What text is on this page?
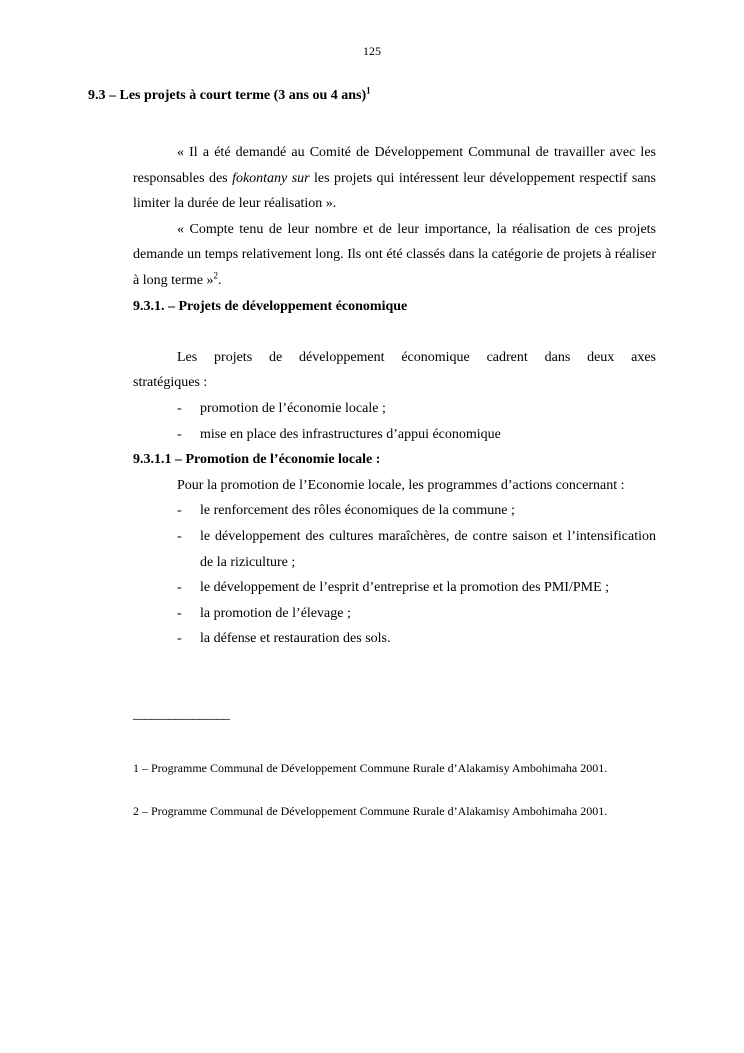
125
9.3 – Les projets à court terme (3 ans ou 4 ans)$^1$

« Il a été demandé au Comité de Développement Communal de travailler avec les responsables des fokontany sur les projets qui intéressent leur développement respectif sans limiter la durée de leur réalisation ».

« Compte tenu de leur nombre et de leur importance, la réalisation de ces projets demande un temps relativement long. Ils ont été classés dans la catégorie de projets à réaliser à long terme »$^2$.

9.3.1. – Projets de développement économique

Les projets de développement économique cadrent dans deux axes

stratégiques :

- promotion de l’économie locale ;
- mise en place des infrastructures d’appui économique

9.3.1.1 – Promotion de l’économie locale :

Pour la promotion de l’Economie locale, les programmes d’actions concernant :

- le renforcement des rôles économiques de la commune ;
- le développement des cultures maraîchères, de contre saison et l’intensification de la riziculture ;
- le développement de l’esprit d’entreprise et la promotion des PMI/PME ;
- la promotion de l’élevage ;
- la défense et restauration des sols.
________________
1 – Programme Communal de Développement Commune Rurale d’Alakamisy Ambohimaha 2001.
2 – Programme Communal de Développement Commune Rurale d’Alakamisy Ambohimaha 2001.
